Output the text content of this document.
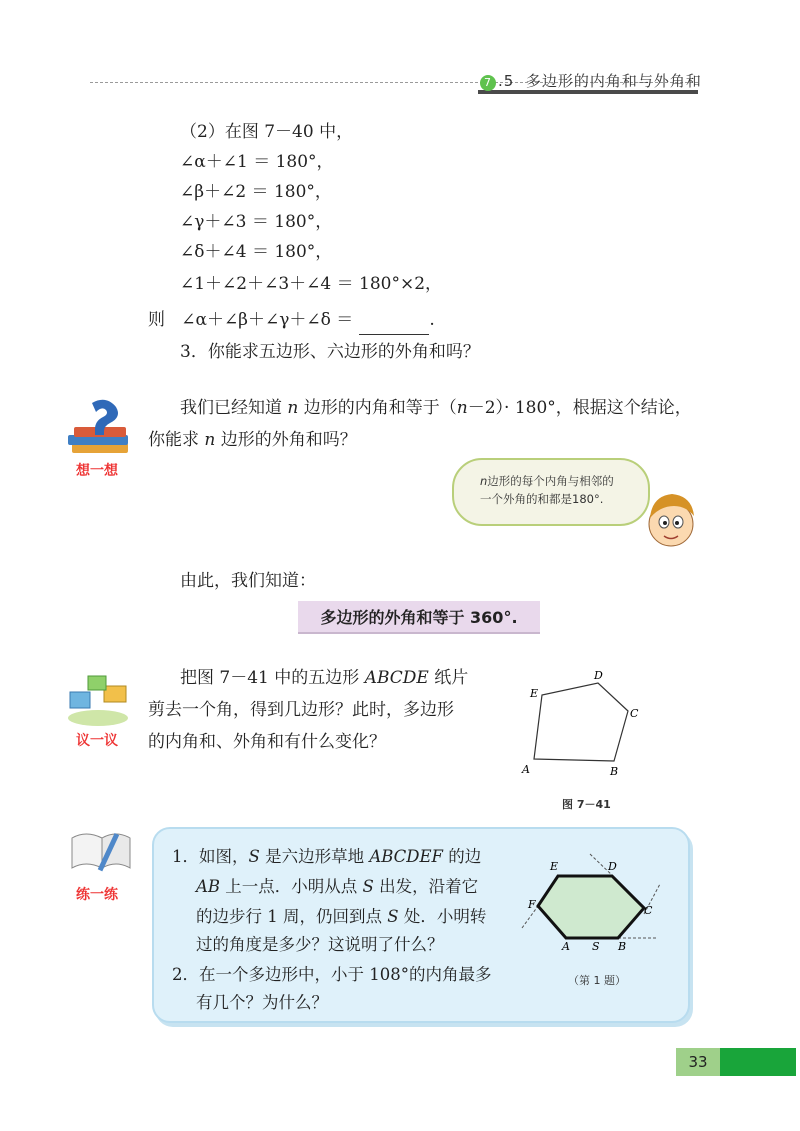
7 .5 多边形的内角和与外角和
（2）在图 7－40 中，
∠α＋∠1 ＝ 180°，
∠β＋∠2 ＝ 180°，
∠γ＋∠3 ＝ 180°，
∠δ＋∠4 ＝ 180°，
∠1＋∠2＋∠3＋∠4 ＝ 180°×2，
则 ∠α＋∠β＋∠γ＋∠δ ＝	.
3．你能求五边形、六边形的外角和吗？
想一想
我们已经知道 n 边形的内角和等于（n－2）· 180°，根据这个结论，
你能求 n 边形的外角和吗？
n边形的每个内角与相邻的
一个外角的和都是180°.
由此，我们知道：
多边形的外角和等于 360°.
议一议
把图 7－41 中的五边形 ABCDE 纸片
剪去一个角，得到几边形？此时，多边形
的内角和、外角和有什么变化？
A	B
C
D
E
图 7－41
练一练
1．如图，S 是六边形草地 ABCDEF 的边
AB 上一点．小明从点 S 出发，沿着它
的边步行 1 周，仍回到点 S 处．小明转
过的角度是多少？这说明了什么？
2．在一个多边形中，小于 108°的内角最多
有几个？为什么？
E	D
C
B
S
A
F
（第 1 题）
33
